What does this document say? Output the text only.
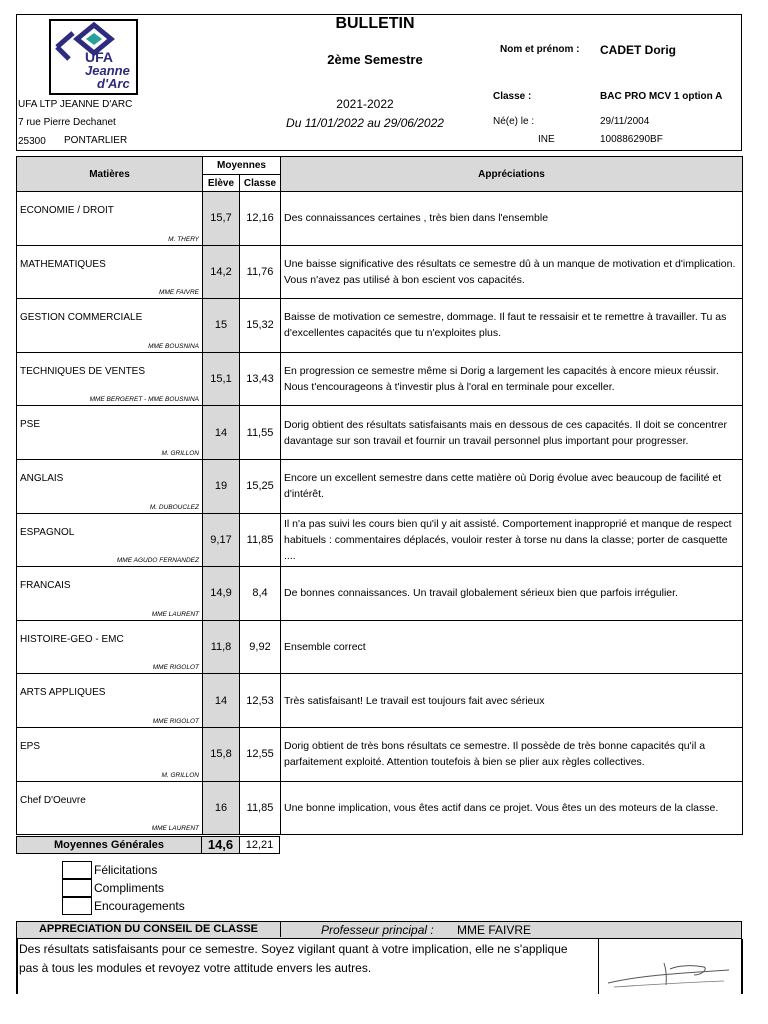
UFA
Jeanne
d'Arc
UFA LTP JEANNE D'ARC
7 rue Pierre Dechanet
25300 PONTARLIER
BULLETIN
2ème Semestre
2021-2022
Du 11/01/2022 au 29/06/2022
Nom et prénom : CADET Dorig
Classe :	BAC PRO MCV 1 option A
Né(e) le :	29/11/2004
INE	100886290BF
Matières	Moyennes		Appréciations
	Elève	Classe	

ECONOMIE / DROIT
M. THERY	15,7	12,16	Des connaissances certaines , très bien dans l'ensemble

MATHEMATIQUES
MME FAIVRE	14,2	11,76	Une baisse significative des résultats ce semestre dû à un manque de motivation et d'implication. Vous n'avez pas utilisé à bon escient vos capacités.

GESTION COMMERCIALE
MME BOUSNINA	15	15,32	Baisse de motivation ce semestre, dommage. Il faut te ressaisir et te remettre à travailler. Tu as d'excellentes capacités que tu n'exploites plus.

TECHNIQUES DE VENTES
MME BERGERET - MME BOUSNINA	15,1	13,43	En progression ce semestre même si Dorig a largement les capacités à encore mieux réussir. Nous t'encourageons à t'investir plus à l'oral en terminale pour exceller.

PSE
M. GRILLON	14	11,55	Dorig obtient des résultats satisfaisants mais en dessous de ces capacités. Il doit se concentrer davantage sur son travail et fournir un travail personnel plus important pour progresser.

ANGLAIS
M. DUBOUCLEZ	19	15,25	Encore un excellent semestre dans cette matière où Dorig évolue avec beaucoup de facilité et d'intérêt.

ESPAGNOL
MME AGUDO FERNANDEZ	9,17	11,85	Il n'a pas suivi les cours bien qu'il y ait assisté. Comportement inapproprié et manque de respect habituels : commentaires déplacés, vouloir rester à torse nu dans la classe; porter de casquette ....

FRANCAIS
MME LAURENT	14,9	8,4	De bonnes connaissances. Un travail globalement sérieux bien que parfois irrégulier.

HISTOIRE-GEO - EMC
MME RIGOLOT	11,8	9,92	Ensemble correct

ARTS APPLIQUES
MME RIGOLOT	14	12,53	Très satisfaisant! Le travail est toujours fait avec sérieux

EPS
M. GRILLON	15,8	12,55	Dorig obtient de très bons résultats ce semestre. Il possède de très bonne capacités qu'il a parfaitement exploité. Attention toutefois à bien se plier aux règles collectives.

Chef D'Oeuvre
MME LAURENT	16	11,85	Une bonne implication, vous êtes actif dans ce projet. Vous êtes un des moteurs de la classe.
Moyennes Générales	14,6	12,21
Félicitations
Compliments
Encouragements
APPRECIATION DU CONSEIL DE CLASSE	Professeur principal : MME FAIVRE
Des résultats satisfaisants pour ce semestre. Soyez vigilant quant à votre implication, elle ne s'applique pas à tous les modules et revoyez votre attitude envers les autres.
